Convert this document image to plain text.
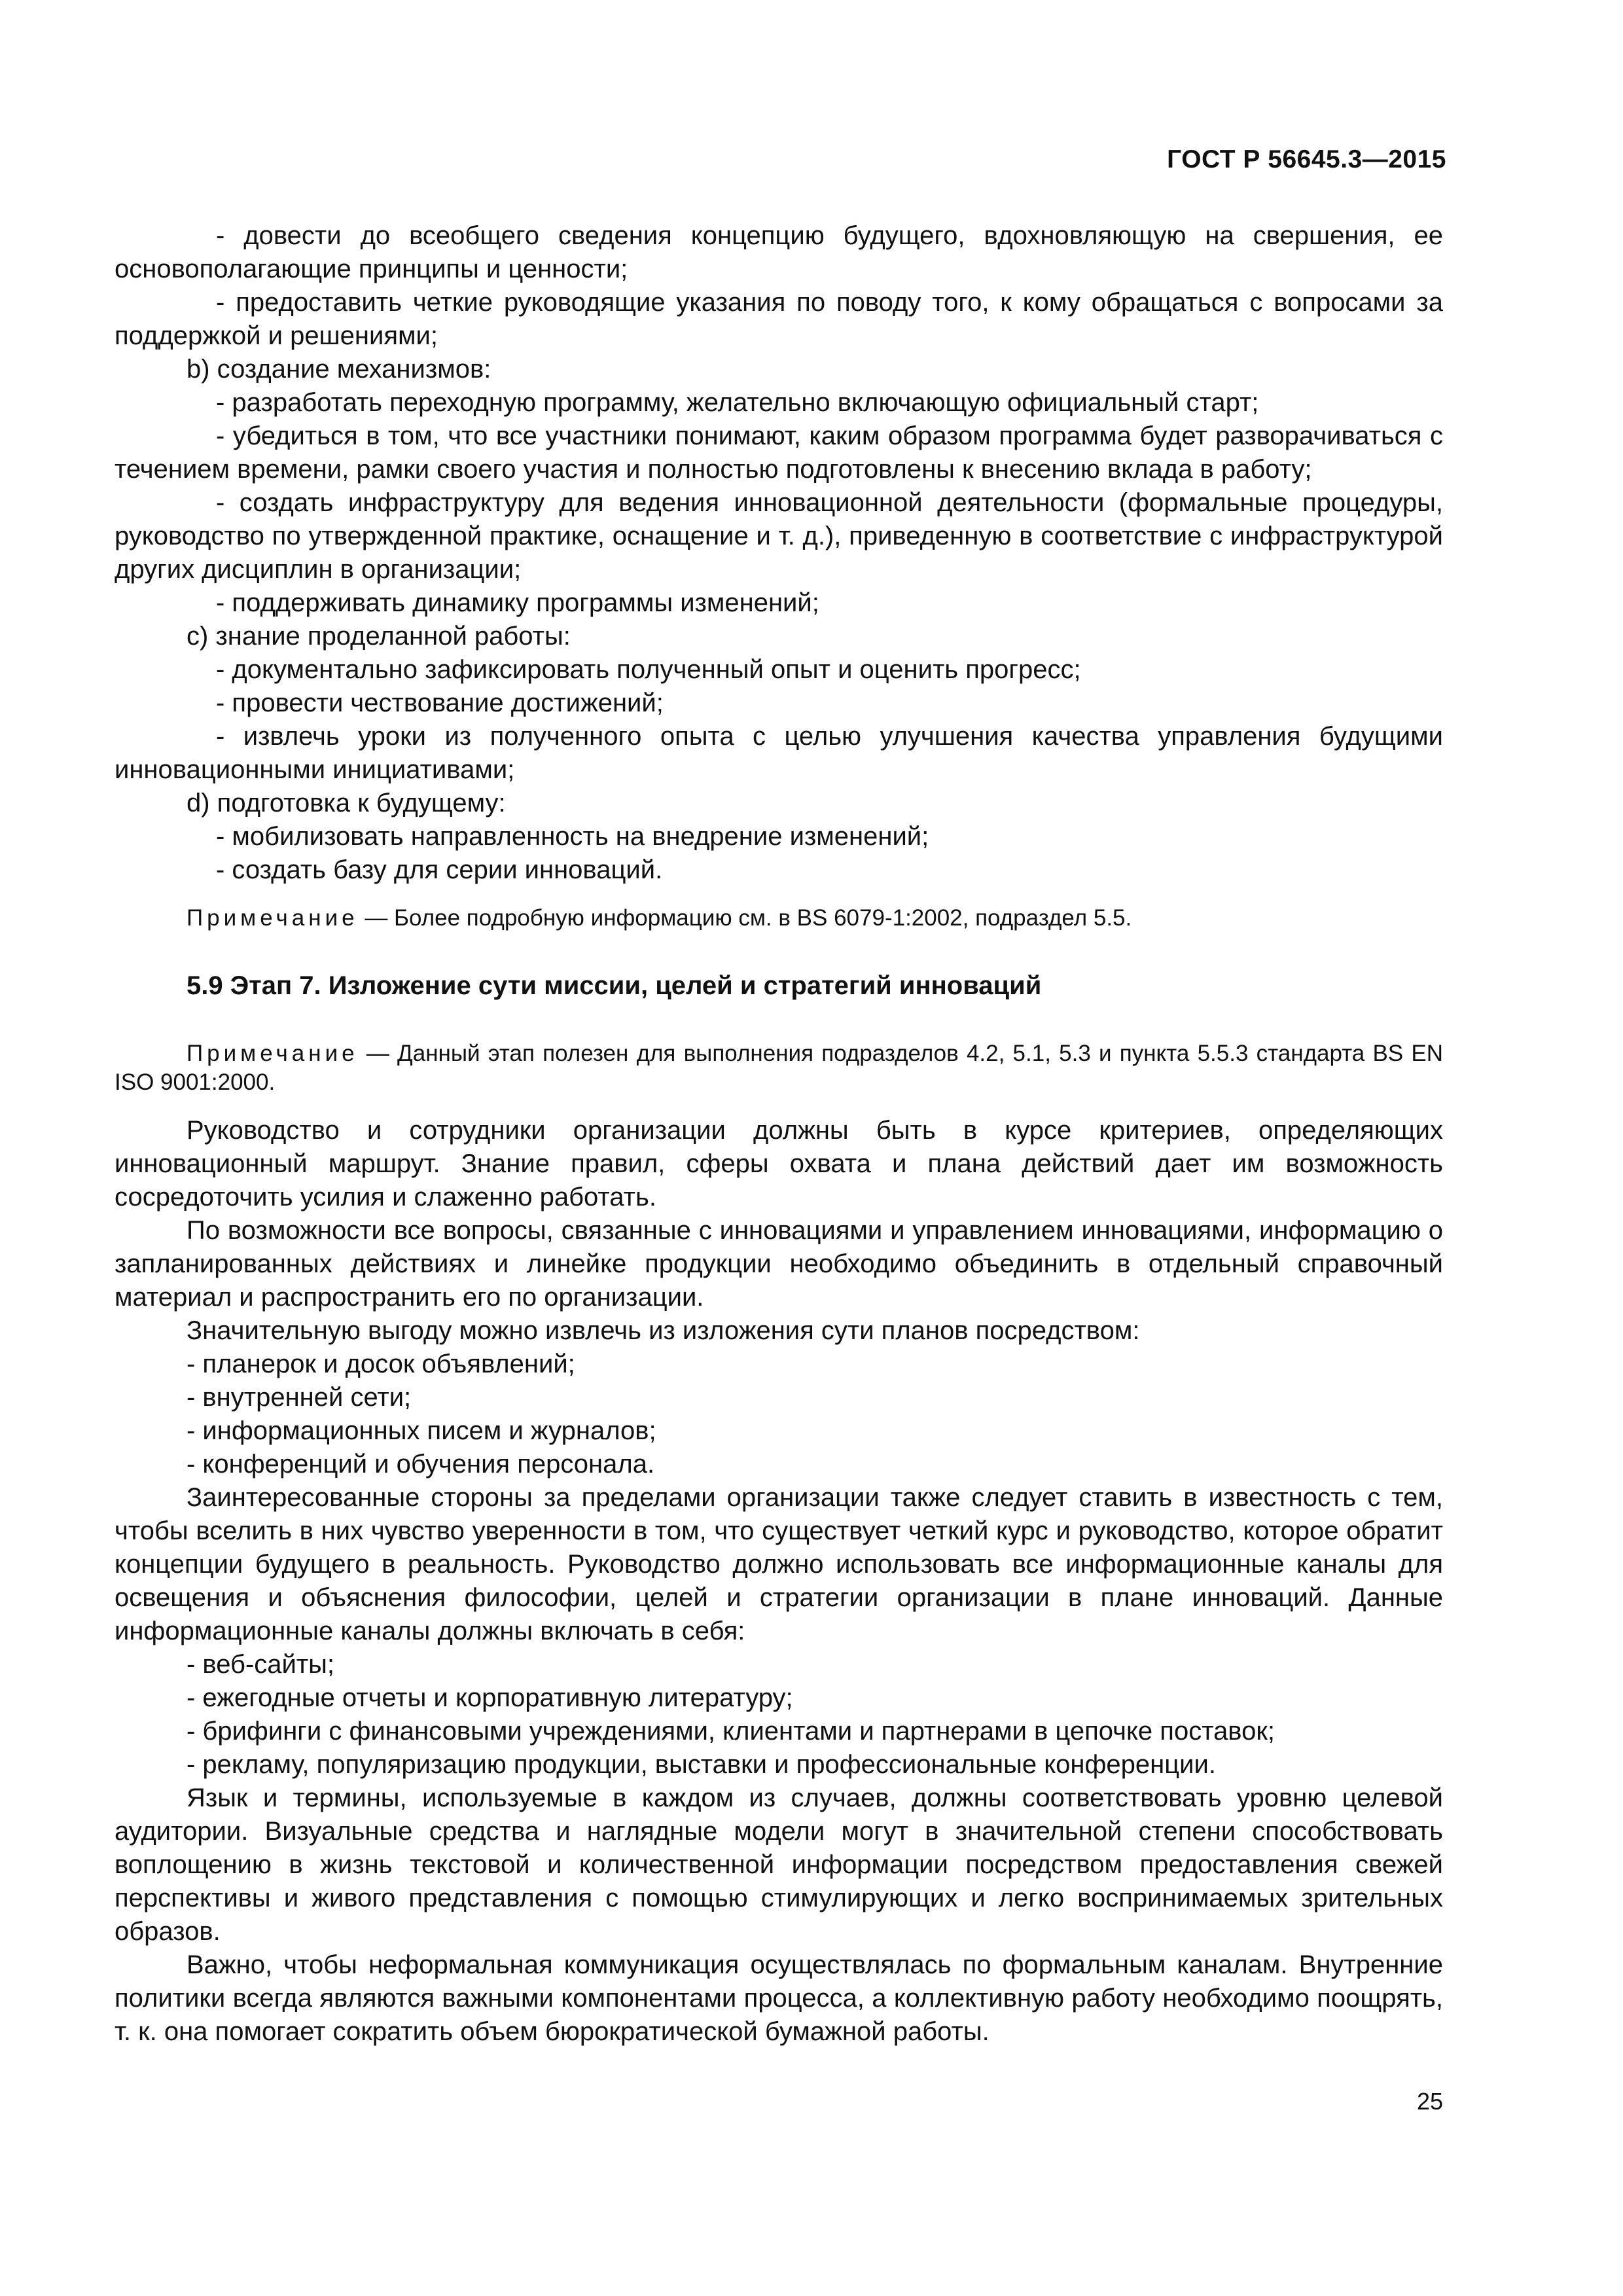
ГОСТ Р 56645.3—2015

- довести до всеобщего сведения концепцию будущего, вдохновляющую на свершения, ее основополагающие принципы и ценности;

- предоставить четкие руководящие указания по поводу того, к кому обращаться с вопросами за поддержкой и решениями;

b) создание механизмов:

- разработать переходную программу, желательно включающую официальный старт;

- убедиться в том, что все участники понимают, каким образом программа будет разворачиваться с течением времени, рамки своего участия и полностью подготовлены к внесению вклада в работу;

- создать инфраструктуру для ведения инновационной деятельности (формальные процедуры, руководство по утвержденной практике, оснащение и т. д.), приведенную в соответствие с инфраструктурой других дисциплин в организации;

- поддерживать динамику программы изменений;

c) знание проделанной работы:

- документально зафиксировать полученный опыт и оценить прогресс;

- провести чествование достижений;

- извлечь уроки из полученного опыта с целью улучшения качества управления будущими инновационными инициативами;

d) подготовка к будущему:

- мобилизовать направленность на внедрение изменений;

- создать базу для серии инноваций.

Примечание — Более подробную информацию см. в BS 6079-1:2002, подраздел 5.5.

5.9 Этап 7. Изложение сути миссии, целей и стратегий инноваций

Примечание — Данный этап полезен для выполнения подразделов 4.2, 5.1, 5.3 и пункта 5.5.3 стандарта BS EN ISO 9001:2000.

Руководство и сотрудники организации должны быть в курсе критериев, определяющих инновационный маршрут. Знание правил, сферы охвата и плана действий дает им возможность сосредоточить усилия и слаженно работать.

По возможности все вопросы, связанные с инновациями и управлением инновациями, информацию о запланированных действиях и линейке продукции необходимо объединить в отдельный справочный материал и распространить его по организации.

Значительную выгоду можно извлечь из изложения сути планов посредством:

- планерок и досок объявлений;

- внутренней сети;

- информационных писем и журналов;

- конференций и обучения персонала.

Заинтересованные стороны за пределами организации также следует ставить в известность с тем, чтобы вселить в них чувство уверенности в том, что существует четкий курс и руководство, которое обратит концепции будущего в реальность. Руководство должно использовать все информационные каналы для освещения и объяснения философии, целей и стратегии организации в плане инноваций. Данные информационные каналы должны включать в себя:

- веб-сайты;

- ежегодные отчеты и корпоративную литературу;

- брифинги с финансовыми учреждениями, клиентами и партнерами в цепочке поставок;

- рекламу, популяризацию продукции, выставки и профессиональные конференции.

Язык и термины, используемые в каждом из случаев, должны соответствовать уровню целевой аудитории. Визуальные средства и наглядные модели могут в значительной степени способствовать воплощению в жизнь текстовой и количественной информации посредством предоставления свежей перспективы и живого представления с помощью стимулирующих и легко воспринимаемых зрительных образов.

Важно, чтобы неформальная коммуникация осуществлялась по формальным каналам. Внутренние политики всегда являются важными компонентами процесса, а коллективную работу необходимо поощрять, т. к. она помогает сократить объем бюрократической бумажной работы.

25
